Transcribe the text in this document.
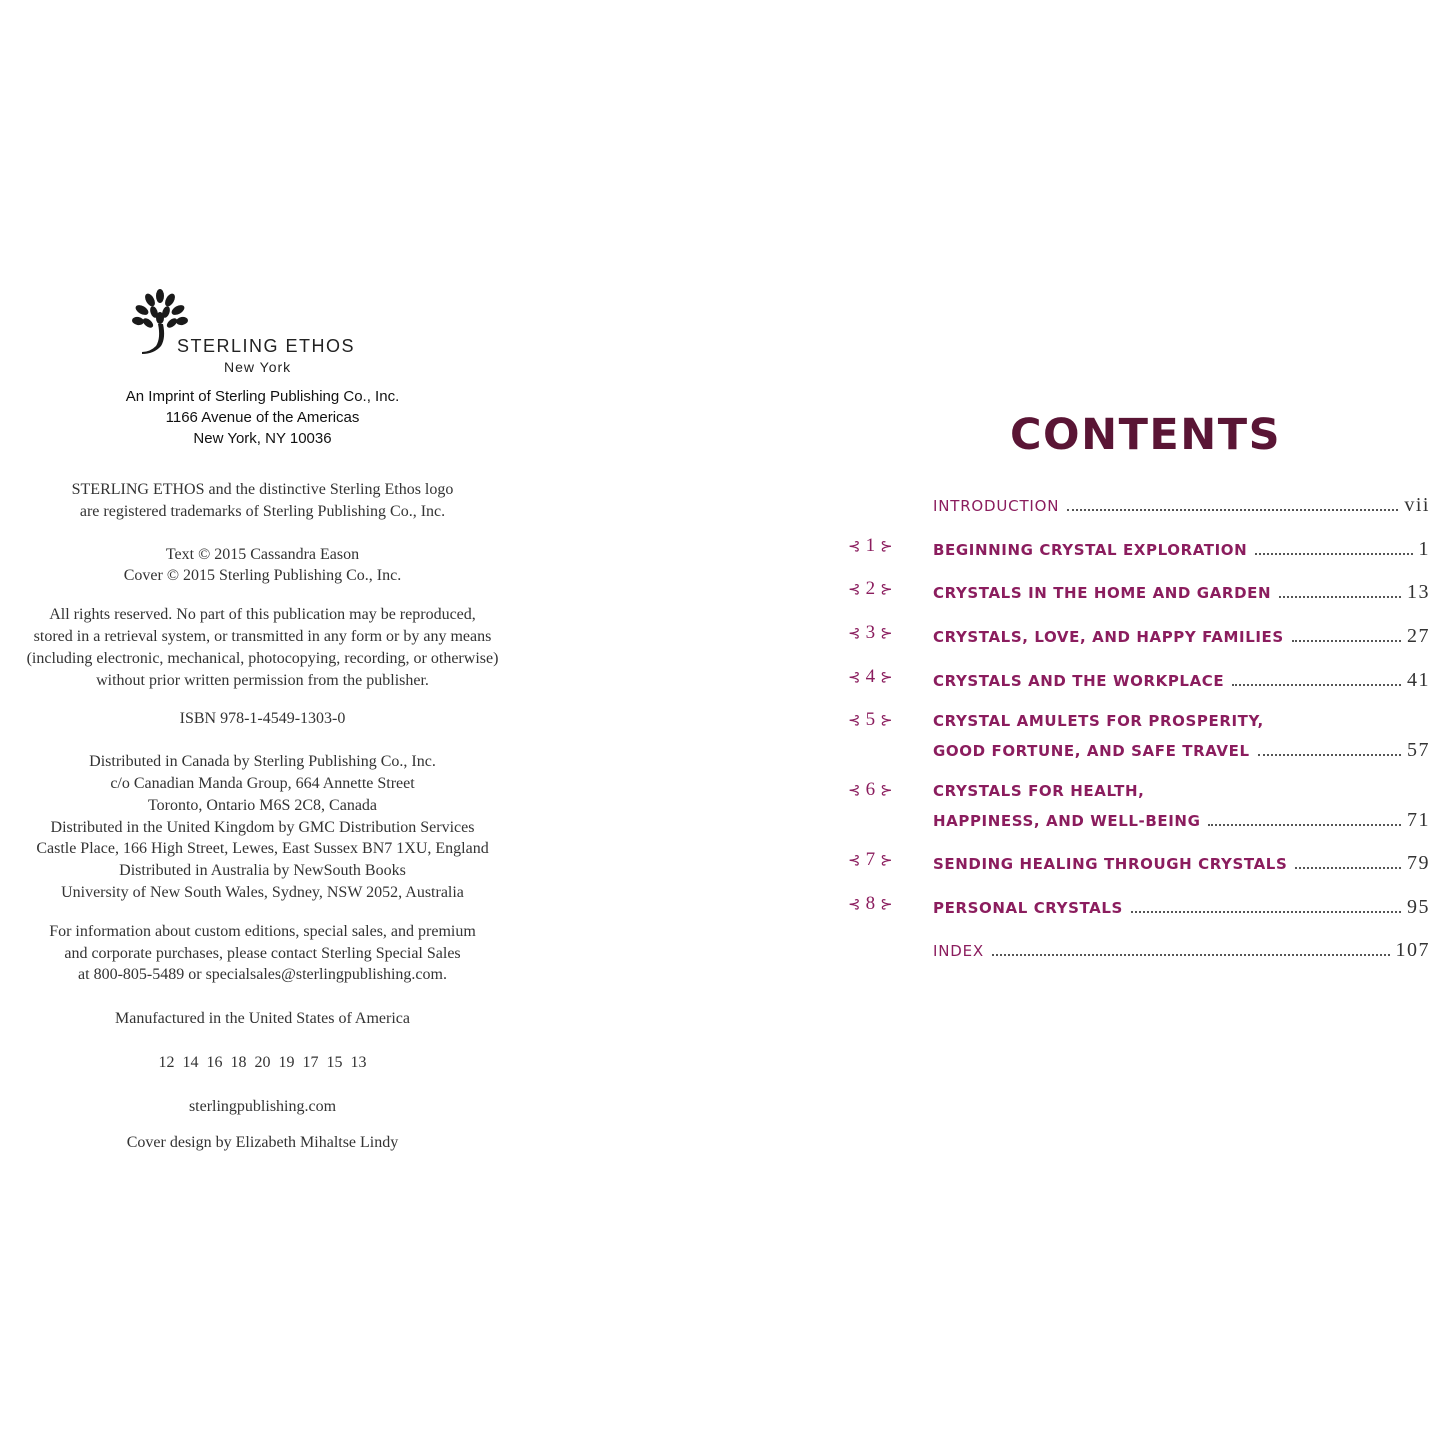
STERLING ETHOS
New York
An Imprint of Sterling Publishing Co., Inc.
1166 Avenue of the Americas
New York, NY 10036
STERLING ETHOS and the distinctive Sterling Ethos logo
are registered trademarks of Sterling Publishing Co., Inc.
Text © 2015 Cassandra Eason
Cover © 2015 Sterling Publishing Co., Inc.
All rights reserved. No part of this publication may be reproduced,
stored in a retrieval system, or transmitted in any form or by any means
(including electronic, mechanical, photocopying, recording, or otherwise)
without prior written permission from the publisher.
ISBN 978-1-4549-1303-0
Distributed in Canada by Sterling Publishing Co., Inc.
c/o Canadian Manda Group, 664 Annette Street
Toronto, Ontario M6S 2C8, Canada
Distributed in the United Kingdom by GMC Distribution Services
Castle Place, 166 High Street, Lewes, East Sussex BN7 1XU, England
Distributed in Australia by NewSouth Books
University of New South Wales, Sydney, NSW 2052, Australia
For information about custom editions, special sales, and premium
and corporate purchases, please contact Sterling Special Sales
at 800-805-5489 or specialsales@sterlingpublishing.com.
Manufactured in the United States of America
12  14  16  18  20  19  17  15  13
sterlingpublishing.com
Cover design by Elizabeth Mihaltse Lindy
CONTENTS
INTRODUCTION	vii
⊰ 1 ⊱	BEGINNING CRYSTAL EXPLORATION	1
⊰ 2 ⊱	CRYSTALS IN THE HOME AND GARDEN	13
⊰ 3 ⊱	CRYSTALS, LOVE, AND HAPPY FAMILIES	27
⊰ 4 ⊱	CRYSTALS AND THE WORKPLACE	41
⊰ 5 ⊱	CRYSTAL AMULETS FOR PROSPERITY,
GOOD FORTUNE, AND SAFE TRAVEL	57
⊰ 6 ⊱	CRYSTALS FOR HEALTH,
HAPPINESS, AND WELL-BEING	71
⊰ 7 ⊱	SENDING HEALING THROUGH CRYSTALS	79
⊰ 8 ⊱	PERSONAL CRYSTALS	95
INDEX	107
